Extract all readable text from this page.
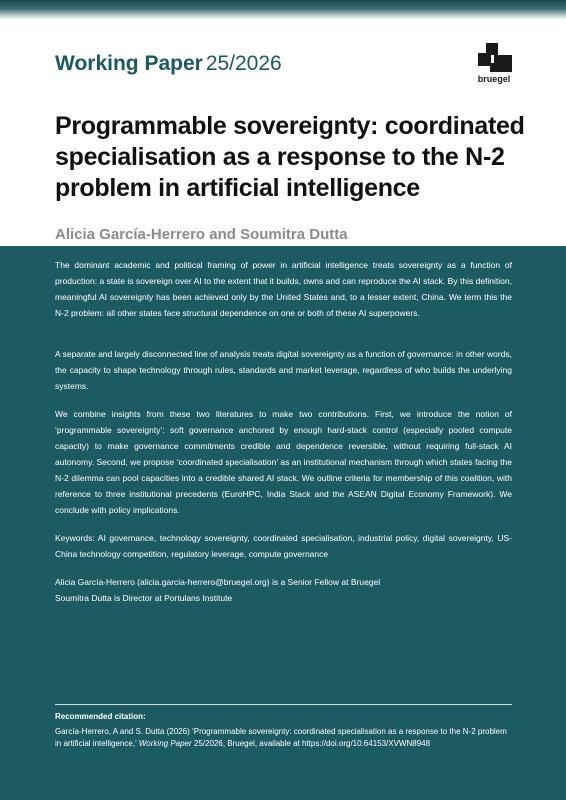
Working Paper 25/2026
bruegel
Programmable sovereignty: coordinated specialisation as a response to the N-2 problem in artificial intelligence
Alicia García-Herrero and Soumitra Dutta

The dominant academic and political framing of power in artificial intelligence treats sovereignty as a function of production: a state is sovereign over AI to the extent that it builds, owns and can reproduce the AI stack. By this definition, meaningful AI sovereignty has been achieved only by the United States and, to a lesser extent, China. We term this the N-2 problem: all other states face structural dependence on one or both of these AI superpowers.

A separate and largely disconnected line of analysis treats digital sovereignty as a function of governance: in other words, the capacity to shape technology through rules, standards and market leverage, regardless of who builds the underlying systems.

We combine insights from these two literatures to make two contributions. First, we introduce the notion of ‘programmable sovereignty’: soft governance anchored by enough hard-stack control (especially pooled compute capacity) to make governance commitments credible and dependence reversible, without requiring full-stack AI autonomy. Second, we propose ‘coordinated specialisation’ as an institutional mechanism through which states facing the N-2 dilemma can pool capacities into a credible shared AI stack. We outline criteria for membership of this coalition, with reference to three institutional precedents (EuroHPC, India Stack and the ASEAN Digital Economy Framework). We conclude with policy implications.

Keywords: AI governance, technology sovereignty, coordinated specialisation, industrial policy, digital sovereignty, US-China technology competition, regulatory leverage, compute governance

Alicia García-Herrero (alicia.garcia-herrero@bruegel.org) is a Senior Fellow at Bruegel

Soumitra Dutta is Director at Portulans Institute

Recommended citation:

García-Herrero, A and S. Dutta (2026) ‘Programmable sovereignty: coordinated specialisation as a response to the N-2 problem in artificial intelligence,’ Working Paper 25/2026, Bruegel, available at https://doi.org/10.64153/XVWN8948
